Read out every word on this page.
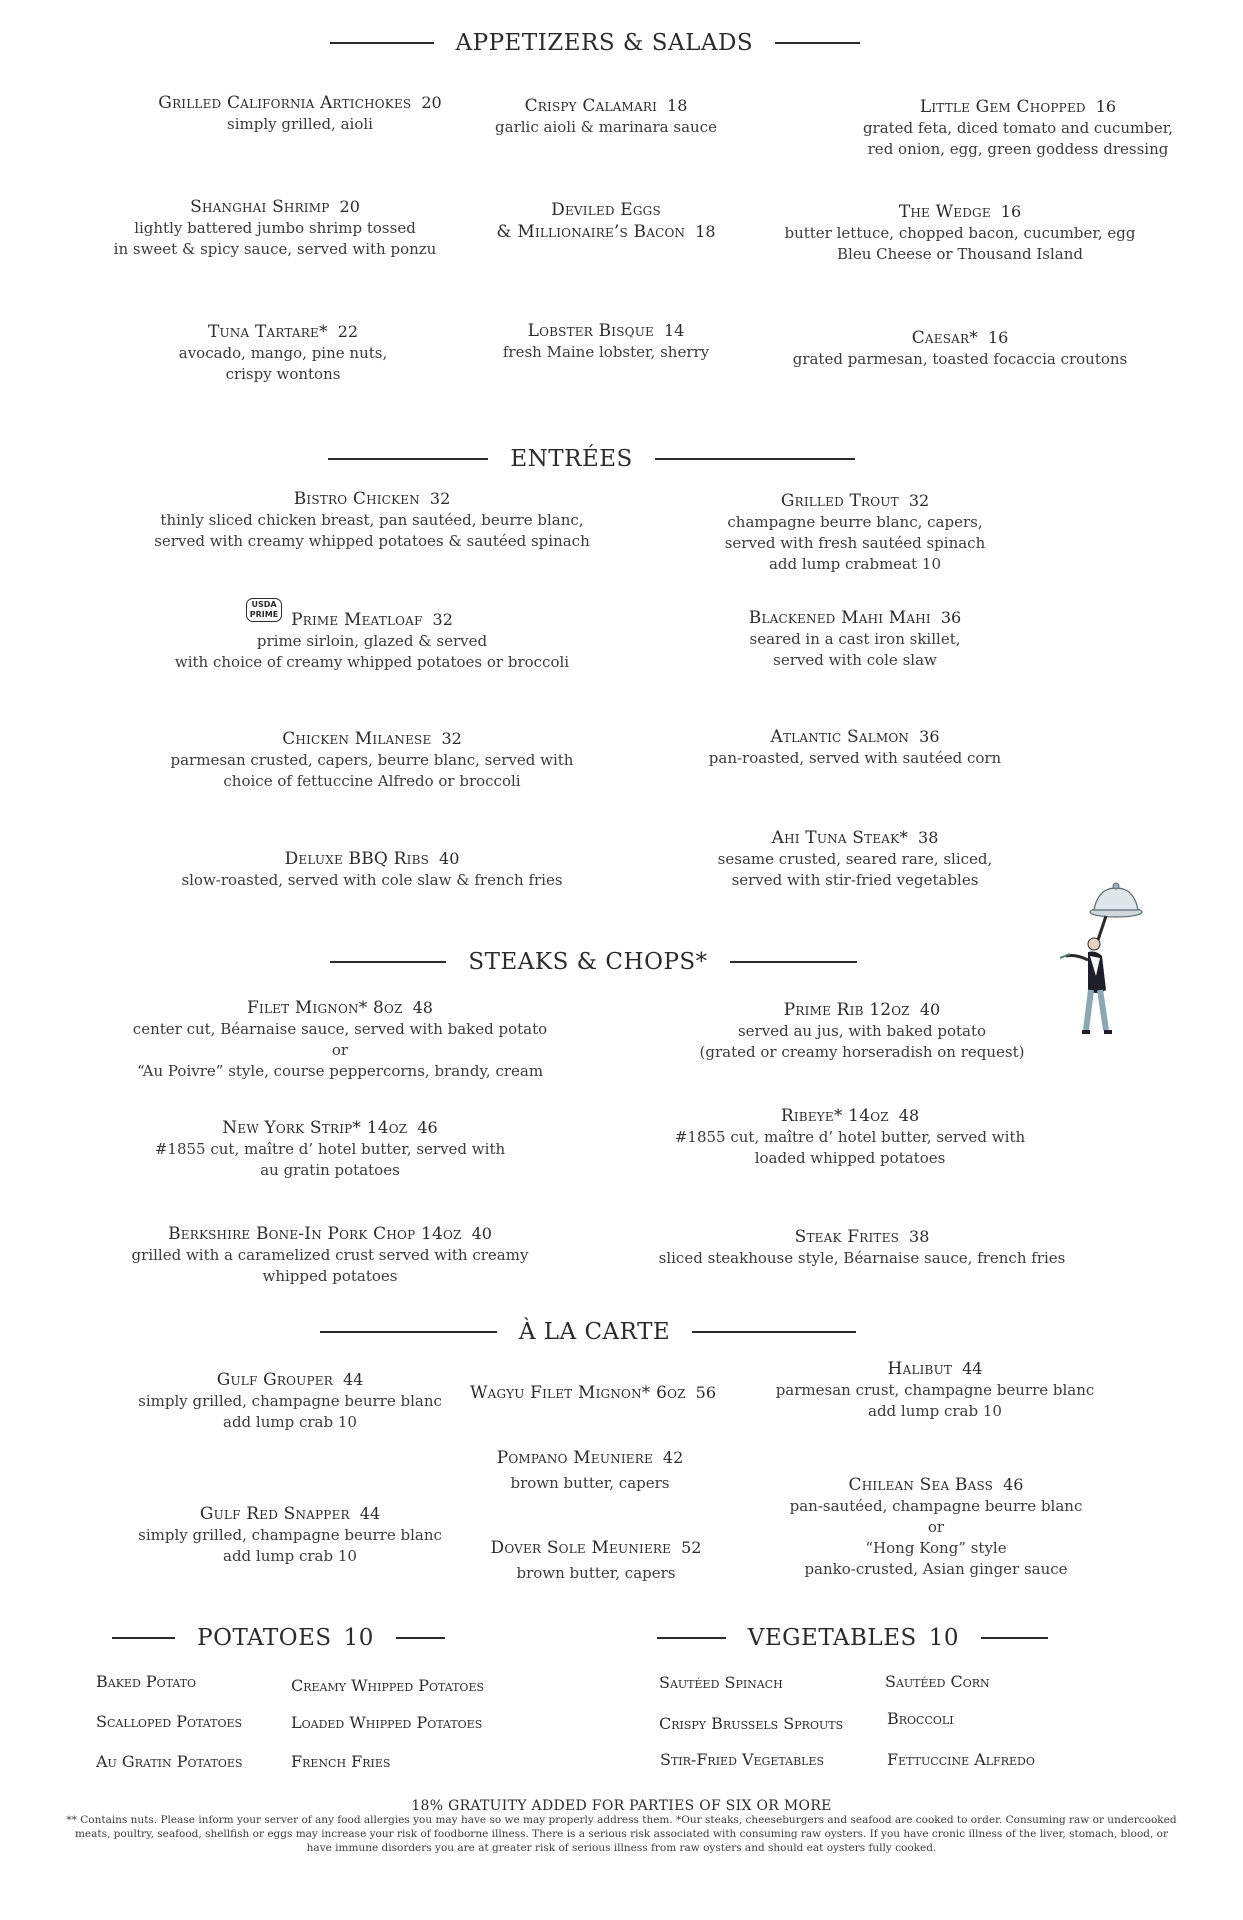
APPETIZERS & SALADS
Grilled California Artichokes 20
simply grilled, aioli
Crispy Calamari 18
garlic aioli & marinara sauce
Little Gem Chopped 16
grated feta, diced tomato and cucumber,
red onion, egg, green goddess dressing
Shanghai Shrimp 20
lightly battered jumbo shrimp tossed
in sweet & spicy sauce, served with ponzu
Deviled Eggs
& Millionaire’s Bacon 18
The Wedge 16
butter lettuce, chopped bacon, cucumber, egg
Bleu Cheese or Thousand Island
Tuna Tartare* 22
avocado, mango, pine nuts,
crispy wontons
Lobster Bisque 14
fresh Maine lobster, sherry
Caesar* 16
grated parmesan, toasted focaccia croutons
ENTRÉES
Bistro Chicken 32
thinly sliced chicken breast, pan sautéed, beurre blanc,
served with creamy whipped potatoes & sautéed spinach
Grilled Trout 32
champagne beurre blanc, capers,
served with fresh sautéed spinach
add lump crabmeat 10
USDA
PRIME Prime Meatloaf 32
prime sirloin, glazed & served
with choice of creamy whipped potatoes or broccoli
Blackened Mahi Mahi 36
seared in a cast iron skillet,
served with cole slaw
Chicken Milanese 32
parmesan crusted, capers, beurre blanc, served with
choice of fettuccine Alfredo or broccoli
Atlantic Salmon 36
pan-roasted, served with sautéed corn
Deluxe BBQ Ribs 40
slow-roasted, served with cole slaw & french fries
Ahi Tuna Steak* 38
sesame crusted, seared rare, sliced,
served with stir-fried vegetables
STEAKS & CHOPS*
Filet Mignon* 8oz 48
center cut, Béarnaise sauce, served with baked potato
or
“Au Poivre” style, course peppercorns, brandy, cream
Prime Rib 12oz 40
served au jus, with baked potato
(grated or creamy horseradish on request)
New York Strip* 14oz 46
#1855 cut, maître d’ hotel butter, served with
au gratin potatoes
Ribeye* 14oz 48
#1855 cut, maître d’ hotel butter, served with
loaded whipped potatoes
Berkshire Bone-In Pork Chop 14oz 40
grilled with a caramelized crust served with creamy
whipped potatoes
Steak Frites 38
sliced steakhouse style, Béarnaise sauce, french fries
À LA CARTE
Gulf Grouper 44
simply grilled, champagne beurre blanc
add lump crab 10
Wagyu Filet Mignon* 6oz 56
Halibut 44
parmesan crust, champagne beurre blanc
add lump crab 10
Pompano Meuniere 42
brown butter, capers
Gulf Red Snapper 44
simply grilled, champagne beurre blanc
add lump crab 10
Chilean Sea Bass 46
pan-sautéed, champagne beurre blanc
or
“Hong Kong” style
panko-crusted, Asian ginger sauce
Dover Sole Meuniere 52
brown butter, capers
POTATOES 10
Baked Potato	Creamy Whipped Potatoes
Scalloped Potatoes	Loaded Whipped Potatoes
Au Gratin Potatoes	French Fries
VEGETABLES 10
Sautéed Spinach	Sautéed Corn
Crispy Brussels Sprouts	Broccoli
Stir-Fried Vegetables	Fettuccine Alfredo
18% GRATUITY ADDED FOR PARTIES OF SIX OR MORE
** Contains nuts. Please inform your server of any food allergies you may have so we may properly address them. *Our steaks, cheeseburgers and seafood are cooked to order. Consuming raw or undercooked meats, poultry, seafood, shellfish or eggs may increase your risk of foodborne illness. There is a serious risk associated with consuming raw oysters. If you have cronic illness of the liver, stomach, blood, or have immune disorders you are at greater risk of serious illness from raw oysters and should eat oysters fully cooked.
